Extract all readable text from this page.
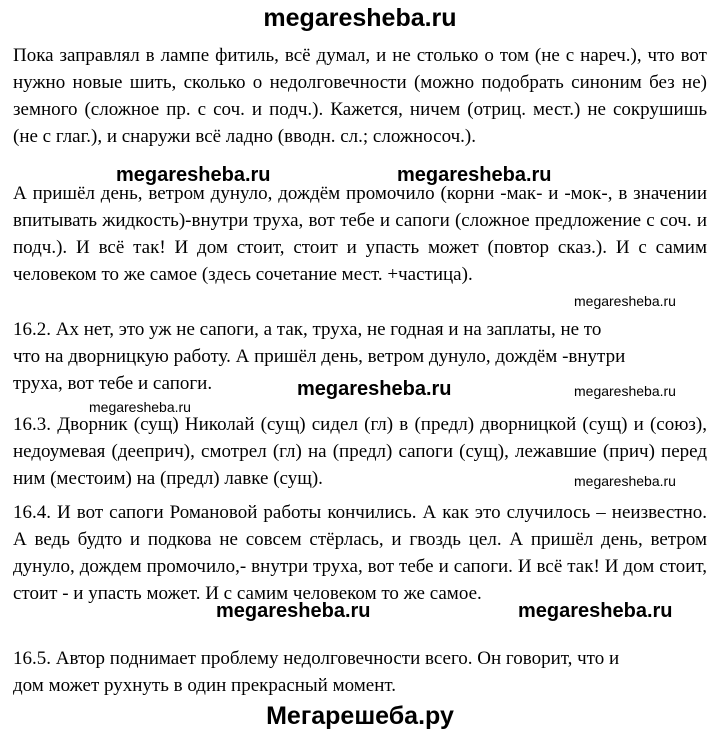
megaresheba.ru
Пока заправлял в лампе фитиль, всё думал, и не столько о том (не с нареч.), что вот нужно новые шить, сколько о недолговечности (можно подобрать синоним без не) земного (сложное пр. с соч. и подч.). Кажется, ничем (отриц. мест.) не сокрушишь (не с глаг.), и снаружи всё ладно (вводн. сл.; сложносоч.).
megaresheba.ru	megaresheba.ru
А пришёл день, ветром дунуло, дождём промочило (корни -мак- и -мок-, в значении впитывать жидкость)-внутри труха, вот тебе и сапоги (сложное предложение с соч. и подч.). И всё так! И дом стоит, стоит и упасть может (повтор сказ.). И с самим человеком то же самое (здесь сочетание мест. +частица).
megaresheba.ru
16.2. Ах нет, это уж не сапоги, а так, труха, не годная и на заплаты, не то
что на дворницкую работу. А пришёл день, ветром дунуло, дождём -внутри
труха, вот тебе и сапоги.	megaresheba.ru	megaresheba.ru
megaresheba.ru
16.3. Дворник (сущ) Николай (сущ) сидел (гл) в (предл) дворницкой (сущ) и (союз), недоумевая (дееприч), смотрел (гл) на (предл) сапоги (сущ), лежавшие (прич) перед ним (местоим) на (предл) лавке (сущ).	megaresheba.ru
16.4. И вот сапоги Романовой работы кончились. А как это случилось – неизвестно. А ведь будто и подкова не совсем стёрлась, и гвоздь цел. А пришёл день, ветром дунуло, дождем промочило,- внутри труха, вот тебе и сапоги. И всё так! И дом стоит, стоит - и упасть может. И с самим человеком то же самое.
megaresheba.ru	megaresheba.ru
16.5. Автор поднимает проблему недолговечности всего. Он говорит, что и
дом может рухнуть в один прекрасный момент.
Мегарешеба.ру
